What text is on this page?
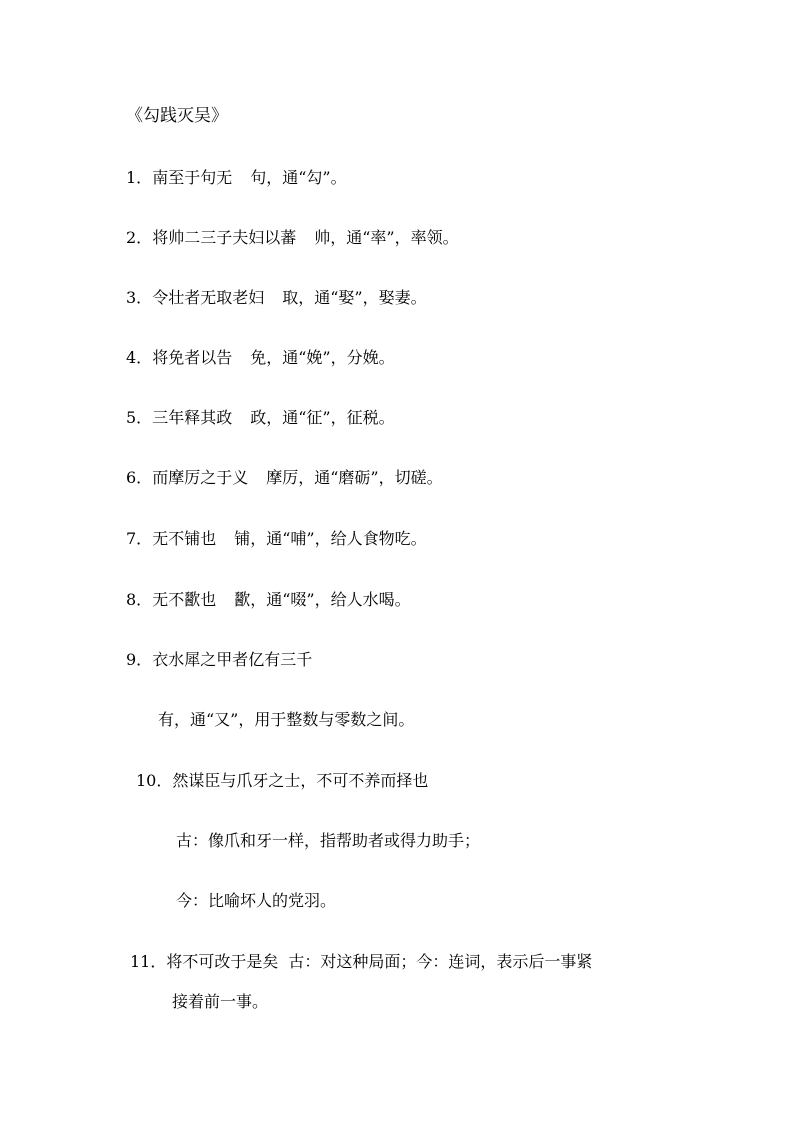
《勾践灭吴》
1．南至于句无 句，通“勾”。
2．将帅二三子夫妇以蕃 帅，通“率”，率领。
3．令壮者无取老妇 取，通“娶”，娶妻。
4．将免者以告 免，通“娩”，分娩。
5．三年释其政 政，通“征”，征税。
6．而摩厉之于义 摩厉，通“磨砺”，切磋。
7．无不铺也 铺，通“哺”，给人食物吃。
8．无不歠也 歠，通“啜”，给人水喝。
9．衣水犀之甲者亿有三千
有，通“又”，用于整数与零数之间。
10．然谋臣与爪牙之士，不可不养而择也
古：像爪和牙一样，指帮助者或得力助手；
今：比喻坏人的党羽。
11．将不可改于是矣 古：对这种局面；今：连词，表示后一事紧
接着前一事。
